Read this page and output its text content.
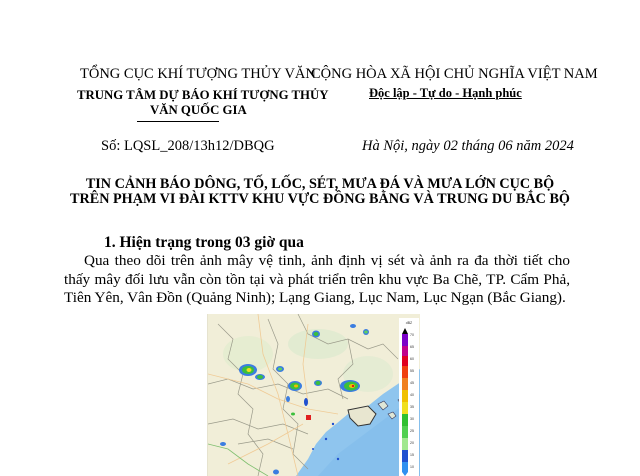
TỔNG CỤC KHÍ TƯỢNG THỦY VĂN
TRUNG TÂM DỰ BÁO KHÍ TƯỢNG THỦY
VĂN QUỐC GIA
CỘNG HÒA XÃ HỘI CHỦ NGHĨA VIỆT NAM
Độc lập - Tự do - Hạnh phúc
Số: LQSL_208/13h12/DBQG	Hà Nội, ngày 02 tháng 06 năm 2024
TIN CẢNH BÁO DÔNG, TỐ, LỐC, SÉT, MƯA ĐÁ VÀ MƯA LỚN CỤC BỘ
TRÊN PHẠM VI ĐÀI KTTV KHU VỰC ĐỒNG BẰNG VÀ TRUNG DU BẮC BỘ
1. Hiện trạng trong 03 giờ qua
Qua theo dõi trên ảnh mây vệ tinh, ảnh định vị sét và ảnh ra đa thời tiết cho thấy mây đối lưu vẫn còn tồn tại và phát triển trên khu vực Ba Chẽ, TP. Cẩm Phả, Tiên Yên, Vân Đồn (Quảng Ninh); Lạng Giang, Lục Nam, Lục Ngạn (Bắc Giang).
dBZ
70
65
60
55
45
40
35
30
25
20
15
10
